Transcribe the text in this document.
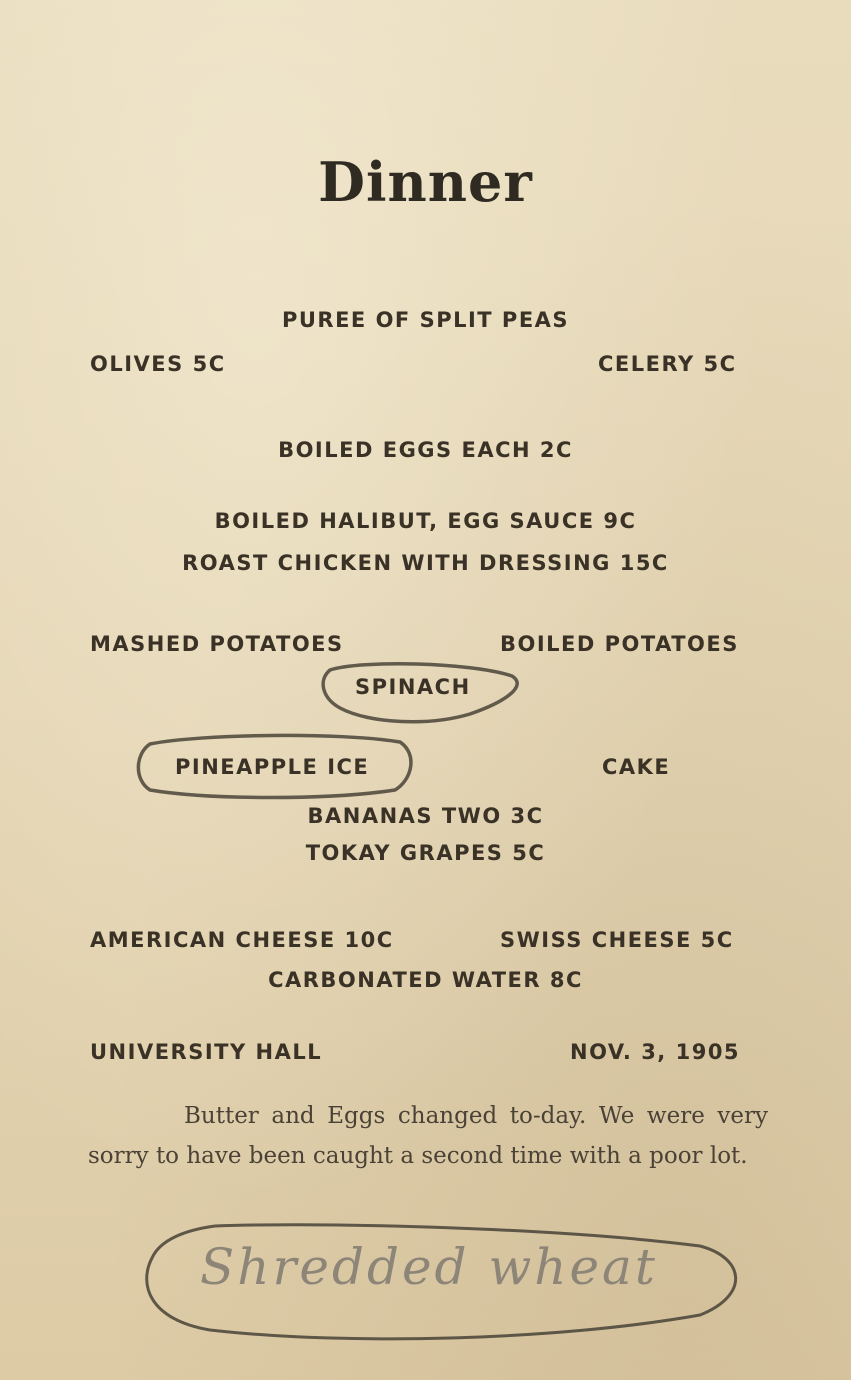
Dinner
PUREE OF SPLIT PEAS
OLIVES 5C	CELERY 5C
BOILED EGGS EACH 2C
BOILED HALIBUT, EGG SAUCE 9C
ROAST CHICKEN WITH DRESSING 15C
MASHED POTATOES	BOILED POTATOES
SPINACH
PINEAPPLE ICE	CAKE
BANANAS TWO 3C
TOKAY GRAPES 5C
AMERICAN CHEESE 10C	SWISS CHEESE 5C
CARBONATED WATER 8C
UNIVERSITY HALL	NOV. 3, 1905

Butter and Eggs changed to-day. We were very sorry to have been caught a second time with a poor lot.

Shredded wheat
